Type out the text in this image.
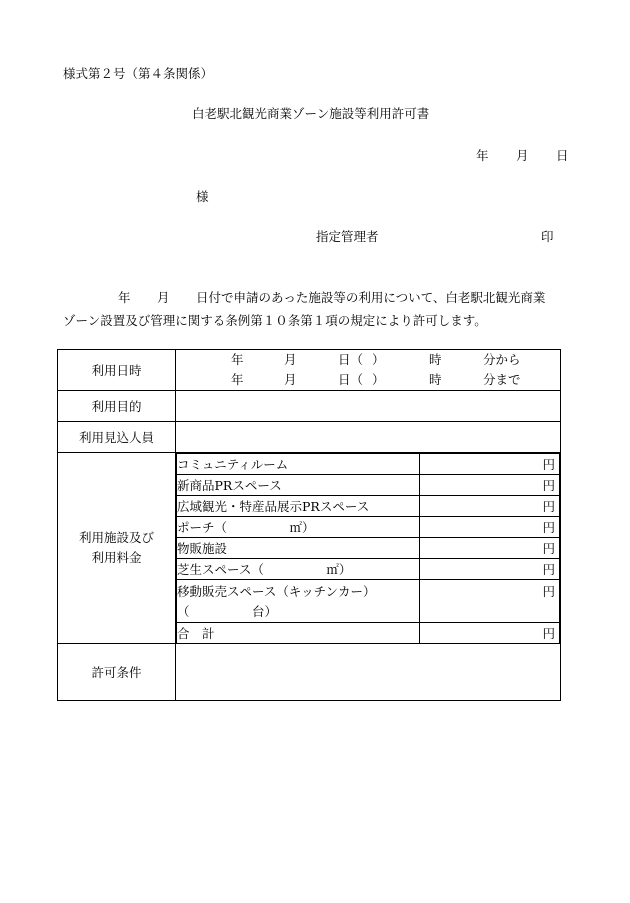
様式第２号（第４条関係）
白老駅北観光商業ゾーン施設等利用許可書
年 月 日
様
指定管理者	印
年 月 日付で申請のあった施設等の利用について、白老駅北観光商業
ゾーン設置及び管理に関する条例第１０条第１項の規定により許可します。
利用日時	
年	月	日（ ）	時	分から
年	月	日（ ）	時	分まで

利用目的	
利用見込人員	

利用施設及び
利用料金

コミュニティルーム	円
新商品PRスペース	円
広域観光・特産品展示PRスペース	円
ポーチ（　　　　　㎡）	円
物販施設	円
芝生スペース（　　　　　㎡）	円

移動販売スペース（キッチンカー）
（　　　　　台）
	円
合　計	円

許可条件	
